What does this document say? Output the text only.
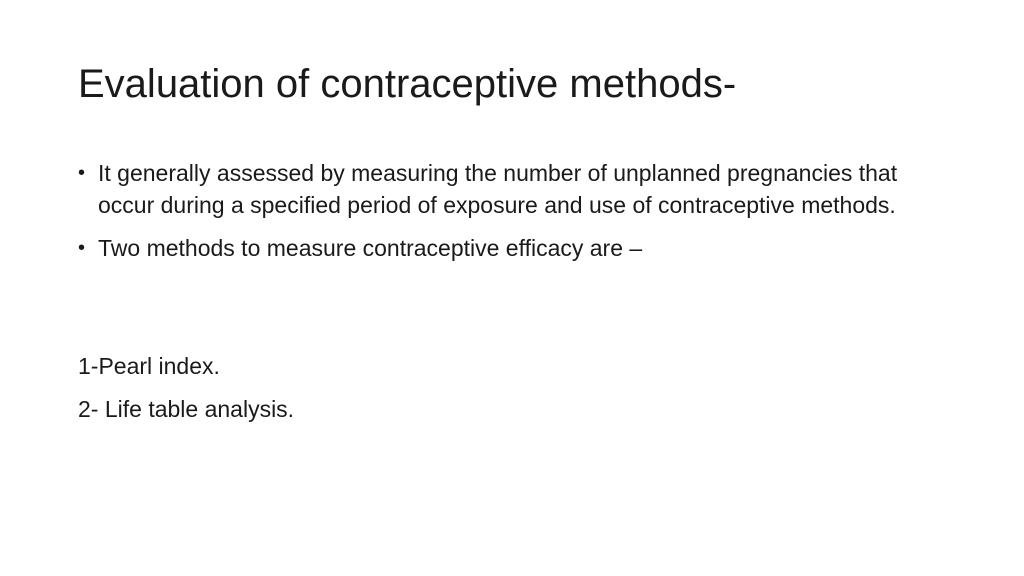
Evaluation of contraceptive methods-
• It generally assessed by measuring the number of unplanned pregnancies that occur during a specified period of exposure and use of contraceptive methods.
• Two methods to measure contraceptive efficacy are –
1-Pearl index.
2- Life table analysis.
